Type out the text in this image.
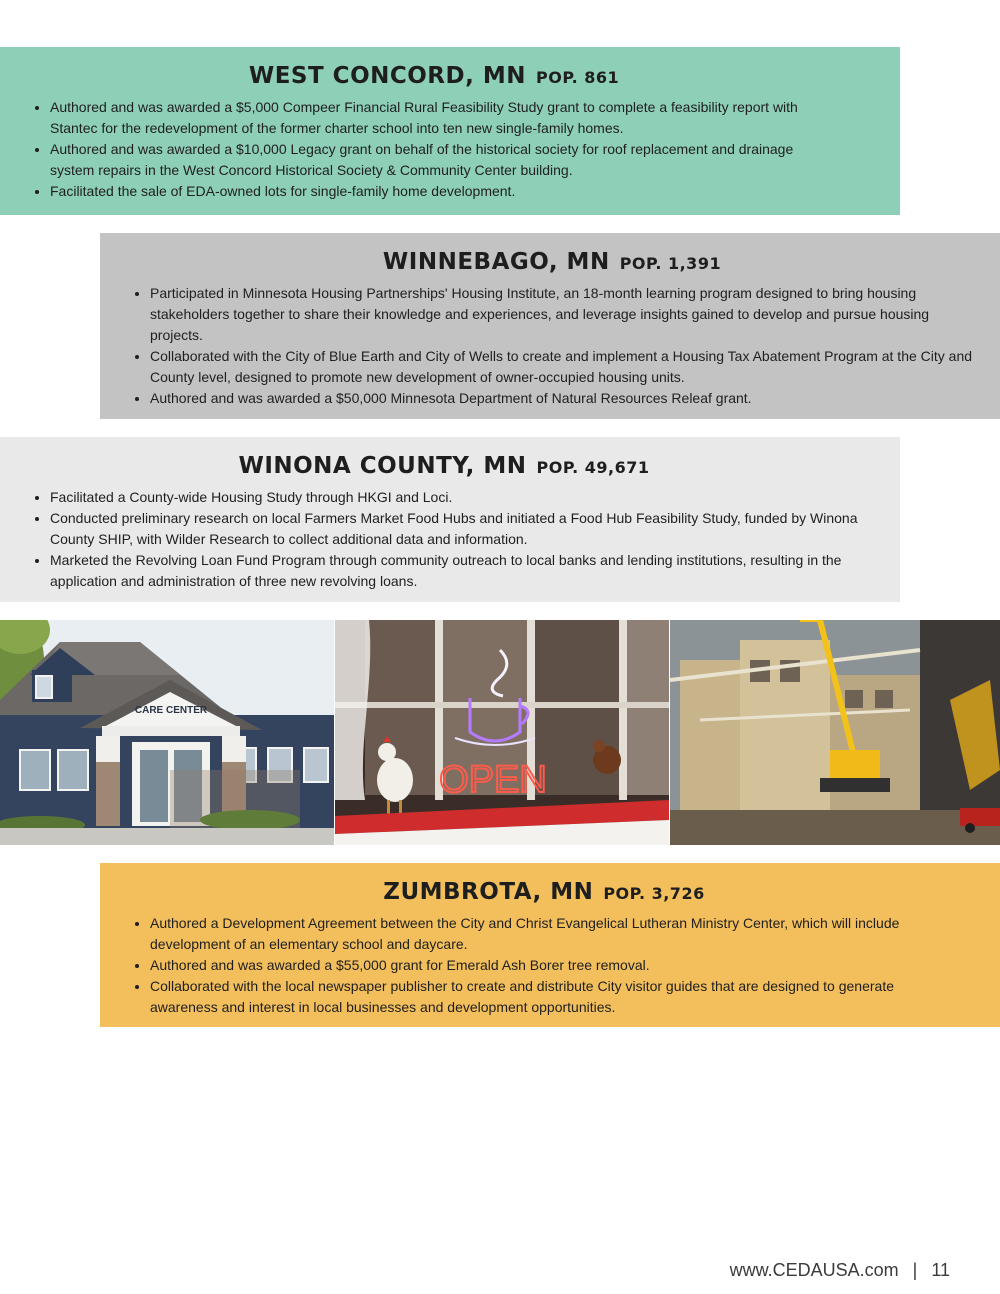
WEST CONCORD, MN POP. 861
• Authored and was awarded a $5,000 Compeer Financial Rural Feasibility Study grant to complete a feasibility report with Stantec for the redevelopment of the former charter school into ten new single-family homes.
• Authored and was awarded a $10,000 Legacy grant on behalf of the historical society for roof replacement and drainage system repairs in the West Concord Historical Society & Community Center building.
• Facilitated the sale of EDA-owned lots for single-family home development.
WINNEBAGO, MN POP. 1,391
• Participated in Minnesota Housing Partnerships' Housing Institute, an 18-month learning program designed to bring housing stakeholders together to share their knowledge and experiences, and leverage insights gained to develop and pursue housing projects.
• Collaborated with the City of Blue Earth and City of Wells to create and implement a Housing Tax Abatement Program at the City and County level, designed to promote new development of owner-occupied housing units.
• Authored and was awarded a $50,000 Minnesota Department of Natural Resources Releaf grant.
WINONA COUNTY, MN POP. 49,671
• Facilitated a County-wide Housing Study through HKGI and Loci.
• Conducted preliminary research on local Farmers Market Food Hubs and initiated a Food Hub Feasibility Study, funded by Winona County SHIP, with Wilder Research to collect additional data and information.
• Marketed the Revolving Loan Fund Program through community outreach to local banks and lending institutions, resulting in the application and administration of three new revolving loans.
CARE CENTER
OPEN
ZUMBROTA, MN POP. 3,726
• Authored a Development Agreement between the City and Christ Evangelical Lutheran Ministry Center, which will include development of an elementary school and daycare.
• Authored and was awarded a $55,000 grant for Emerald Ash Borer tree removal.
• Collaborated with the local newspaper publisher to create and distribute City visitor guides that are designed to generate awareness and interest in local businesses and development opportunities.
www.CEDAUSA.com | 11
